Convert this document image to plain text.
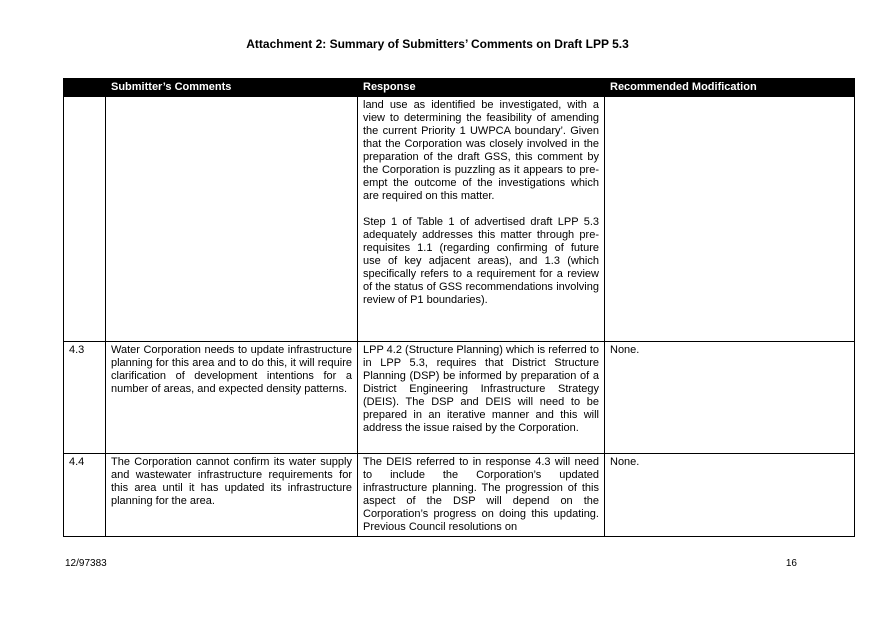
Attachment 2: Summary of Submitters’ Comments on Draft LPP 5.3
	Submitter’s Comments	Response	Recommended Modification

		land use as identified be investigated, with a view to determining the feasibility of amending the current Priority 1 UWPCA boundary’. Given that the Corporation was closely involved in the preparation of the draft GSS, this comment by the Corporation is puzzling as it appears to pre-empt the outcome of the investigations which are required on this matter.

Step 1 of Table 1 of advertised draft LPP 5.3 adequately addresses this matter through pre-requisites 1.1 (regarding confirming of future use of key adjacent areas), and 1.3 (which specifically refers to a requirement for a review of the status of GSS recommendations involving review of P1 boundaries).	

4.3	Water Corporation needs to update infrastructure planning for this area and to do this, it will require clarification of development intentions for a number of areas, and expected density patterns.	LPP 4.2 (Structure Planning) which is referred to in LPP 5.3, requires that District Structure Planning (DSP) be informed by preparation of a District Engineering Infrastructure Strategy (DEIS). The DSP and DEIS will need to be prepared in an iterative manner and this will address the issue raised by the Corporation.	None.
4.4	The Corporation cannot confirm its water supply and wastewater infrastructure requirements for this area until it has updated its infrastructure planning for the area.	The DEIS referred to in response 4.3 will need to include the Corporation’s updated infrastructure planning. The progression of this aspect of the DSP will depend on the Corporation’s progress on doing this updating. Previous Council resolutions on	None.
12/97383	16
